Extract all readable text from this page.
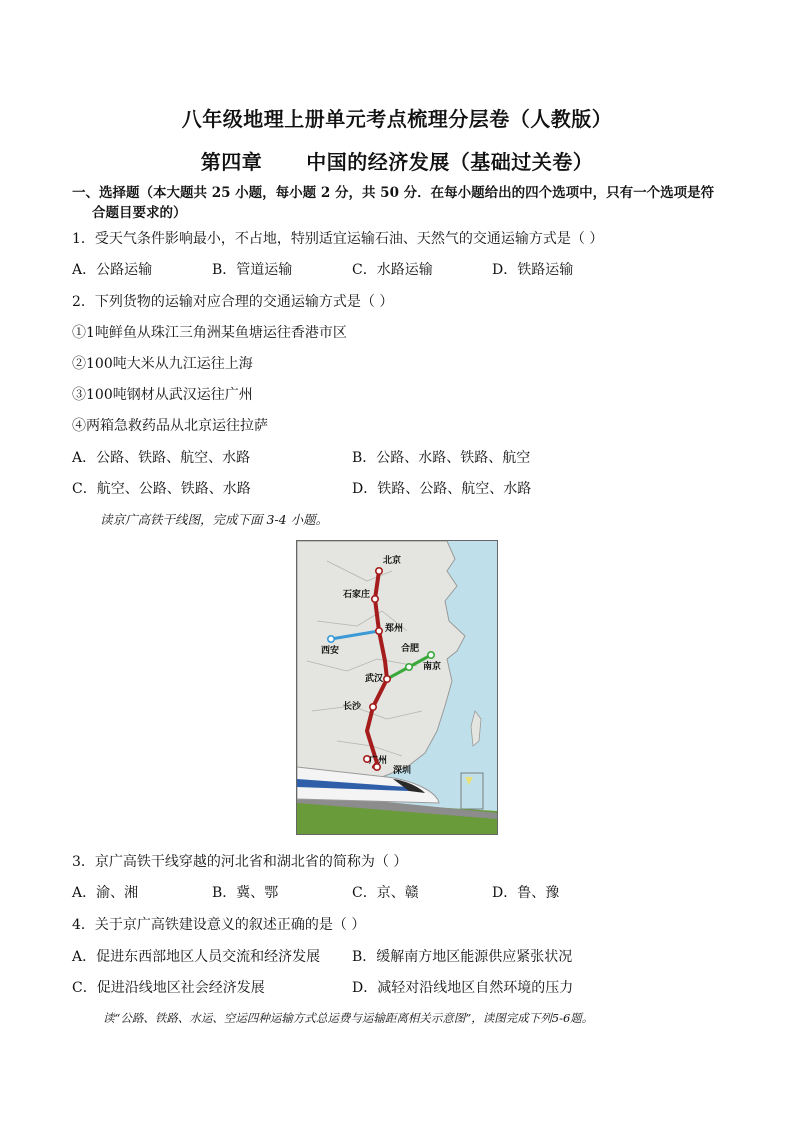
八年级地理上册单元考点梳理分层卷（人教版）
第四章 中国的经济发展（基础过关卷）
一、选择题（本大题共 25 小题，每小题 2 分，共 50 分．在每小题给出的四个选项中，只有一个选项是符
合题目要求的）
1．受天气条件影响最小，不占地，特别适宜运输石油、天然气的交通运输方式是（ ）
A．公路运输	B．管道运输	C．水路运输	D．铁路运输
2．下列货物的运输对应合理的交通运输方式是（ ）
①1吨鲜鱼从珠江三角洲某鱼塘运往香港市区
②100吨大米从九江运往上海
③100吨钢材从武汉运往广州
④两箱急救药品从北京运往拉萨
A．公路、铁路、航空、水路	B．公路、水路、铁路、航空
C．航空、公路、铁路、水路	D．铁路、公路、航空、水路
读京广高铁干线图，完成下面 3-4 小题。
北京
石家庄
郑州
西安	合肥
南京
武汉
长沙
广州
深圳
3．京广高铁干线穿越的河北省和湖北省的简称为（ ）
A．渝、湘	B．冀、鄂	C．京、赣	D．鲁、豫
4．关于京广高铁建设意义的叙述正确的是（ ）
A．促进东西部地区人员交流和经济发展 B．缓解南方地区能源供应紧张状况
C．促进沿线地区社会经济发展	D．减轻对沿线地区自然环境的压力
读“公路、铁路、水运、空运四种运输方式总运费与运输距离相关示意图”，读图完成下列5-6题。
